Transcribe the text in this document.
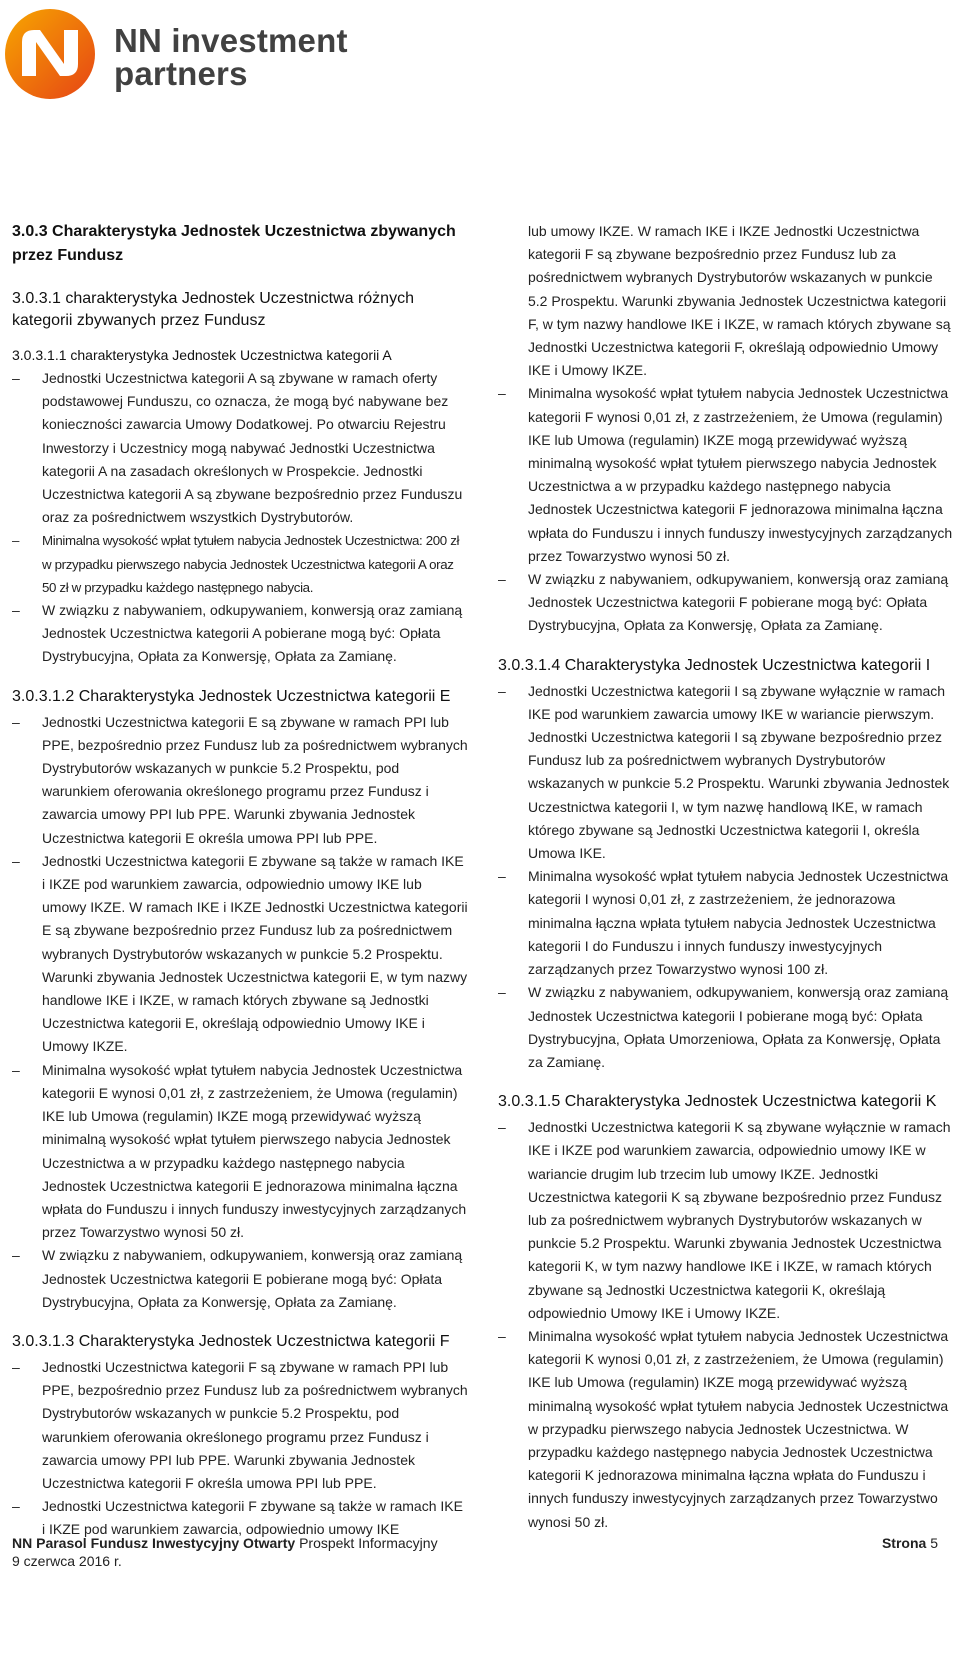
NN investment
partners
3.0.3 Charakterystyka Jednostek Uczestnictwa zbywanych przez Fundusz
3.0.3.1 charakterystyka Jednostek Uczestnictwa różnych kategorii zbywanych przez Fundusz
3.0.3.1.1 charakterystyka Jednostek Uczestnictwa kategorii A
– Jednostki Uczestnictwa kategorii A są zbywane w ramach oferty podstawowej Funduszu, co oznacza, że mogą być nabywane bez konieczności zawarcia Umowy Dodatkowej. Po otwarciu Rejestru Inwestorzy i Uczestnicy mogą nabywać Jednostki Uczestnictwa kategorii A na zasadach określonych w Prospekcie. Jednostki Uczestnictwa kategorii A są zbywane bezpośrednio przez Funduszu oraz za pośrednictwem wszystkich Dystrybutorów.
– Minimalna wysokość wpłat tytułem nabycia Jednostek Uczestnictwa: 200 zł w przypadku pierwszego nabycia Jednostek Uczestnictwa kategorii A oraz 50 zł w przypadku każdego następnego nabycia.
– W związku z nabywaniem, odkupywaniem, konwersją oraz zamianą Jednostek Uczestnictwa kategorii A pobierane mogą być: Opłata Dystrybucyjna, Opłata za Konwersję, Opłata za Zamianę.
3.0.3.1.2 Charakterystyka Jednostek Uczestnictwa kategorii E
– Jednostki Uczestnictwa kategorii E są zbywane w ramach PPI lub PPE, bezpośrednio przez Fundusz lub za pośrednictwem wybranych Dystrybutorów wskazanych w punkcie 5.2 Prospektu, pod warunkiem oferowania określonego programu przez Fundusz i zawarcia umowy PPI lub PPE. Warunki zbywania Jednostek Uczestnictwa kategorii E określa umowa PPI lub PPE.
– Jednostki Uczestnictwa kategorii E zbywane są także w ramach IKE i IKZE pod warunkiem zawarcia, odpowiednio umowy IKE lub umowy IKZE. W ramach IKE i IKZE Jednostki Uczestnictwa kategorii E są zbywane bezpośrednio przez Fundusz lub za pośrednictwem wybranych Dystrybutorów wskazanych w punkcie 5.2 Prospektu. Warunki zbywania Jednostek Uczestnictwa kategorii E, w tym nazwy handlowe IKE i IKZE, w ramach których zbywane są Jednostki Uczestnictwa kategorii E, określają odpowiednio Umowy IKE i Umowy IKZE.
– Minimalna wysokość wpłat tytułem nabycia Jednostek Uczestnictwa kategorii E wynosi 0,01 zł, z zastrzeżeniem, że Umowa (regulamin) IKE lub Umowa (regulamin) IKZE mogą przewidywać wyższą minimalną wysokość wpłat tytułem pierwszego nabycia Jednostek Uczestnictwa a w przypadku każdego następnego nabycia Jednostek Uczestnictwa kategorii E jednorazowa minimalna łączna wpłata do Funduszu i innych funduszy inwestycyjnych zarządzanych przez Towarzystwo wynosi 50 zł.
– W związku z nabywaniem, odkupywaniem, konwersją oraz zamianą Jednostek Uczestnictwa kategorii E pobierane mogą być: Opłata Dystrybucyjna, Opłata za Konwersję, Opłata za Zamianę.
3.0.3.1.3 Charakterystyka Jednostek Uczestnictwa kategorii F
– Jednostki Uczestnictwa kategorii F są zbywane w ramach PPI lub PPE, bezpośrednio przez Fundusz lub za pośrednictwem wybranych Dystrybutorów wskazanych w punkcie 5.2 Prospektu, pod warunkiem oferowania określonego programu przez Fundusz i zawarcia umowy PPI lub PPE. Warunki zbywania Jednostek Uczestnictwa kategorii F określa umowa PPI lub PPE.
– Jednostki Uczestnictwa kategorii F zbywane są także w ramach IKE i IKZE pod warunkiem zawarcia, odpowiednio umowy IKE

lub umowy IKZE. W ramach IKE i IKZE Jednostki Uczestnictwa kategorii F są zbywane bezpośrednio przez Fundusz lub za pośrednictwem wybranych Dystrybutorów wskazanych w punkcie 5.2 Prospektu. Warunki zbywania Jednostek Uczestnictwa kategorii F, w tym nazwy handlowe IKE i IKZE, w ramach których zbywane są Jednostki Uczestnictwa kategorii F, określają odpowiednio Umowy IKE i Umowy IKZE.

– Minimalna wysokość wpłat tytułem nabycia Jednostek Uczestnictwa kategorii F wynosi 0,01 zł, z zastrzeżeniem, że Umowa (regulamin) IKE lub Umowa (regulamin) IKZE mogą przewidywać wyższą minimalną wysokość wpłat tytułem pierwszego nabycia Jednostek Uczestnictwa a w przypadku każdego następnego nabycia Jednostek Uczestnictwa kategorii F jednorazowa minimalna łączna wpłata do Funduszu i innych funduszy inwestycyjnych zarządzanych przez Towarzystwo wynosi 50 zł.
– W związku z nabywaniem, odkupywaniem, konwersją oraz zamianą Jednostek Uczestnictwa kategorii F pobierane mogą być: Opłata Dystrybucyjna, Opłata za Konwersję, Opłata za Zamianę.
3.0.3.1.4 Charakterystyka Jednostek Uczestnictwa kategorii I
– Jednostki Uczestnictwa kategorii I są zbywane wyłącznie w ramach IKE pod warunkiem zawarcia umowy IKE w wariancie pierwszym. Jednostki Uczestnictwa kategorii I są zbywane bezpośrednio przez Fundusz lub za pośrednictwem wybranych Dystrybutorów wskazanych w punkcie 5.2 Prospektu. Warunki zbywania Jednostek Uczestnictwa kategorii I, w tym nazwę handlową IKE, w ramach którego zbywane są Jednostki Uczestnictwa kategorii I, określa Umowa IKE.
– Minimalna wysokość wpłat tytułem nabycia Jednostek Uczestnictwa kategorii I wynosi 0,01 zł, z zastrzeżeniem, że jednorazowa minimalna łączna wpłata tytułem nabycia Jednostek Uczestnictwa kategorii I do Funduszu i innych funduszy inwestycyjnych zarządzanych przez Towarzystwo wynosi 100 zł.
– W związku z nabywaniem, odkupywaniem, konwersją oraz zamianą Jednostek Uczestnictwa kategorii I pobierane mogą być: Opłata Dystrybucyjna, Opłata Umorzeniowa, Opłata za Konwersję, Opłata za Zamianę.
3.0.3.1.5 Charakterystyka Jednostek Uczestnictwa kategorii K
– Jednostki Uczestnictwa kategorii K są zbywane wyłącznie w ramach IKE i IKZE pod warunkiem zawarcia, odpowiednio umowy IKE w wariancie drugim lub trzecim lub umowy IKZE. Jednostki Uczestnictwa kategorii K są zbywane bezpośrednio przez Fundusz lub za pośrednictwem wybranych Dystrybutorów wskazanych w punkcie 5.2 Prospektu. Warunki zbywania Jednostek Uczestnictwa kategorii K, w tym nazwy handlowe IKE i IKZE, w ramach których zbywane są Jednostki Uczestnictwa kategorii K, określają odpowiednio Umowy IKE i Umowy IKZE.
– Minimalna wysokość wpłat tytułem nabycia Jednostek Uczestnictwa kategorii K wynosi 0,01 zł, z zastrzeżeniem, że Umowa (regulamin) IKE lub Umowa (regulamin) IKZE mogą przewidywać wyższą minimalną wysokość wpłat tytułem nabycia Jednostek Uczestnictwa w przypadku pierwszego nabycia Jednostek Uczestnictwa. W przypadku każdego następnego nabycia Jednostek Uczestnictwa kategorii K jednorazowa minimalna łączna wpłata do Funduszu i innych funduszy inwestycyjnych zarządzanych przez Towarzystwo wynosi 50 zł.
NN Parasol Fundusz Inwestycyjny Otwarty Prospekt Informacyjny
9 czerwca 2016 r.
Strona 5
